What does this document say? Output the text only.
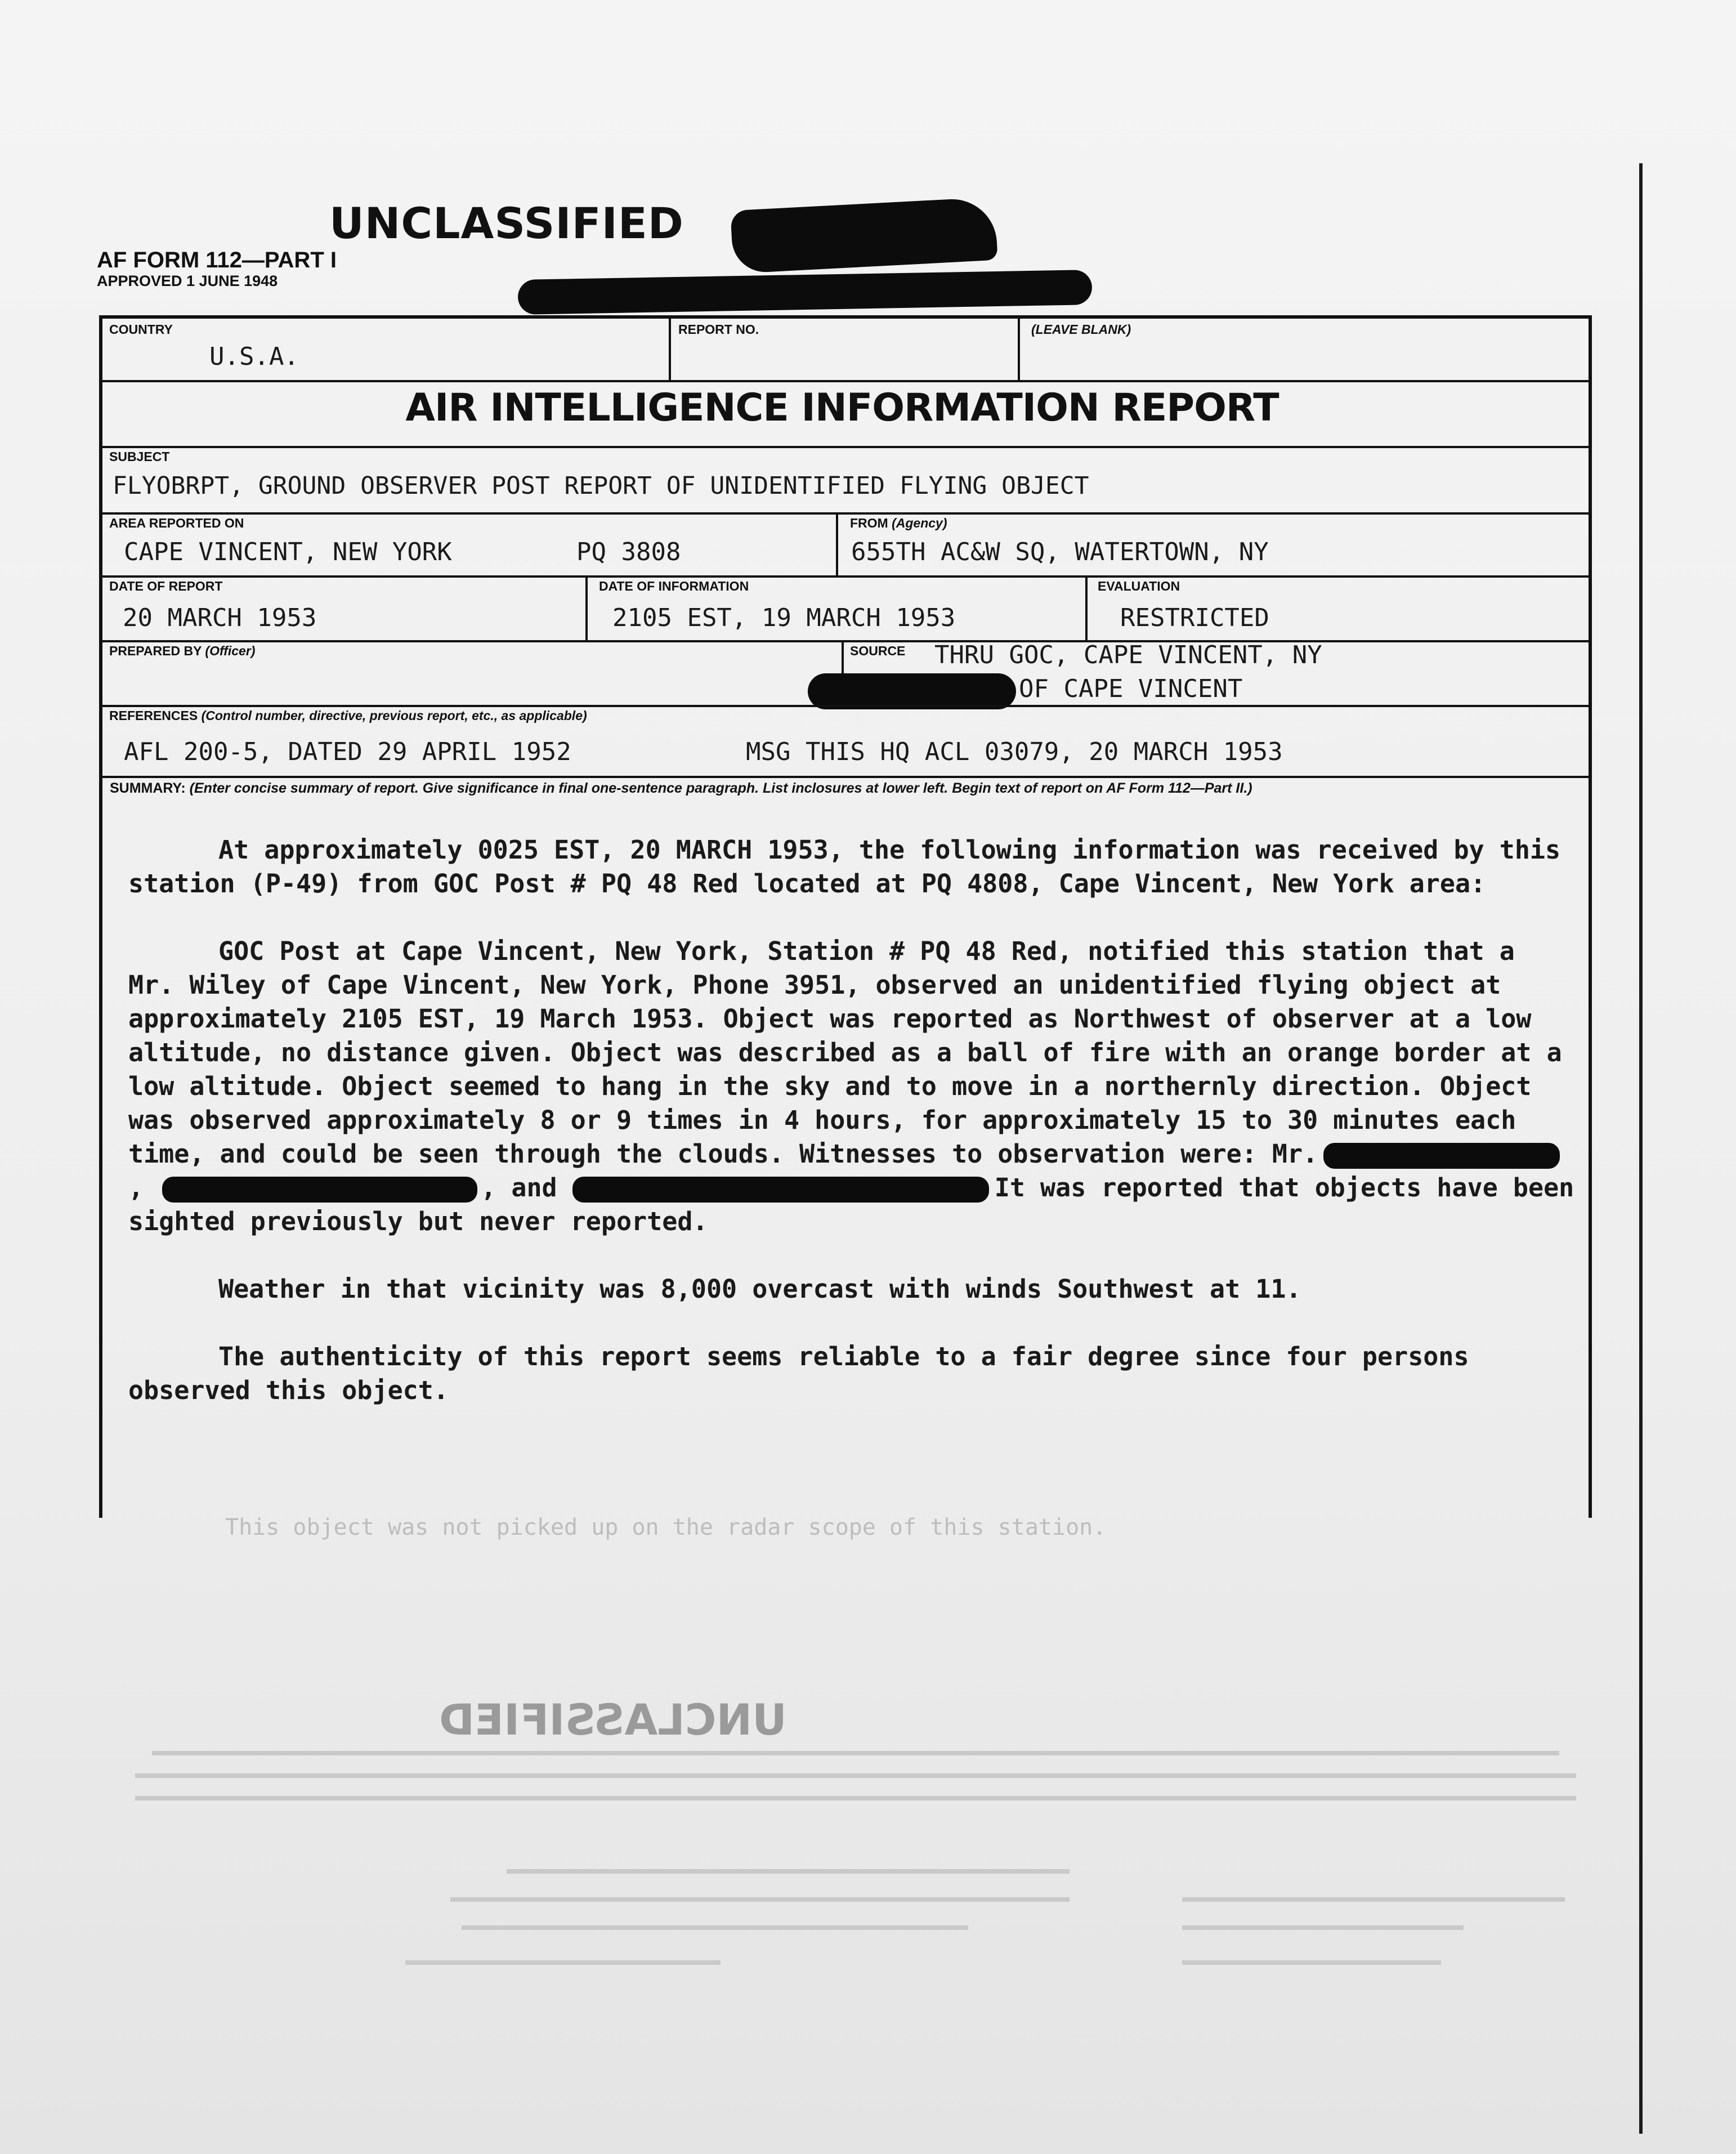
UNCLASSIFIED
AF FORM 112—PART I
APPROVED 1 JUNE 1948
COUNTRY
U.S.A.
REPORT NO.	(LEAVE BLANK)
AIR INTELLIGENCE INFORMATION REPORT
SUBJECT
FLYOBRPT, GROUND OBSERVER POST REPORT OF UNIDENTIFIED FLYING OBJECT
AREA REPORTED ON
CAPE VINCENT, NEW YORK	PQ 3808
FROM (Agency)
655TH AC&W SQ, WATERTOWN, NY
DATE OF REPORT
20 MARCH 1953
DATE OF INFORMATION
2105 EST, 19 MARCH 1953
EVALUATION
RESTRICTED
PREPARED BY (Officer)	SOURCE THRU GOC, CAPE VINCENT, NY
OF CAPE VINCENT
REFERENCES (Control number, directive, previous report, etc., as applicable)
AFL 200-5, DATED 29 APRIL 1952	MSG THIS HQ ACL 03079, 20 MARCH 1953
SUMMARY: (Enter concise summary of report. Give significance in final one-sentence paragraph. List inclosures at lower left. Begin text of report on AF Form 112—Part II.)

At approximately 0025 EST, 20 MARCH 1953, the following information was received by this station (P-49) from GOC Post # PQ 48 Red located at PQ 4808, Cape Vincent, New York area:

GOC Post at Cape Vincent, New York, Station # PQ 48 Red, notified this station that a Mr. Wiley of Cape Vincent, New York, Phone 3951, observed an unidentified flying object at approximately 2105 EST, 19 March 1953. Object was reported as Northwest of observer at a low altitude, no distance given. Object was described as a ball of fire with an orange border at a low altitude. Object seemed to hang in the sky and to move in a northernly direction. Object was observed approximately 8 or 9 times in 4 hours, for approximately 15 to 30 minutes each time, and could be seen through the clouds. Witnesses to observation were: Mr.,	, and	It was reported that objects have been sighted previously but never reported.

Weather in that vicinity was 8,000 overcast with winds Southwest at 11.

The authenticity of this report seems reliable to a fair degree since four persons observed this object.

This object was not picked up on the radar scope of this station.
UNCLASSIFIED
